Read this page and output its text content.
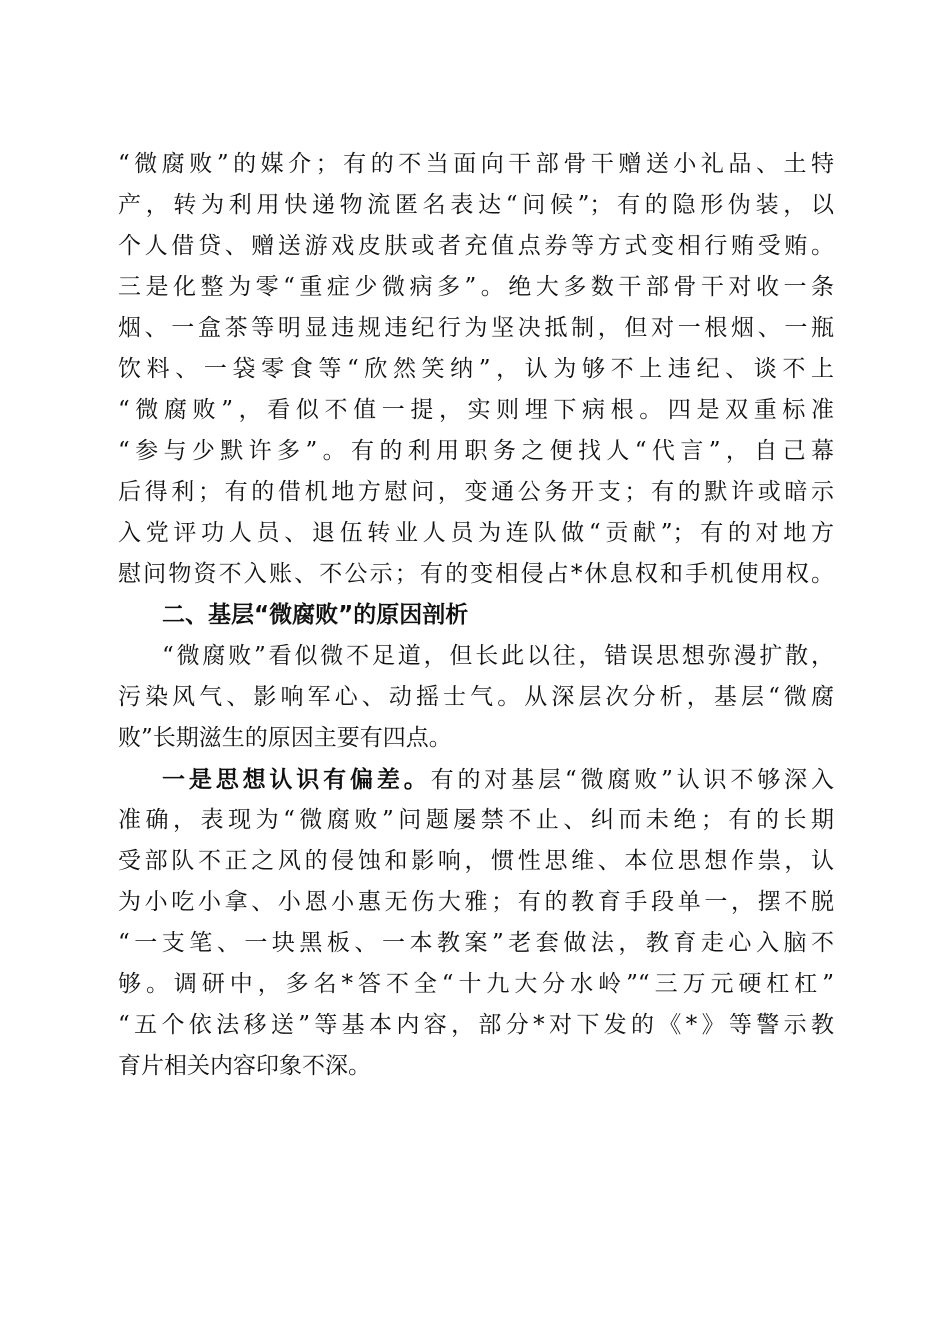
“微腐败”的媒介；有的不当面向干部骨干赠送小礼品、土特
产，转为利用快递物流匿名表达“问候”；有的隐形伪装，以
个人借贷、赠送游戏皮肤或者充值点券等方式变相行贿受贿。
三是化整为零“重症少微病多”。绝大多数干部骨干对收一条
烟、一盒茶等明显违规违纪行为坚决抵制，但对一根烟、一瓶
饮料、一袋零食等“欣然笑纳”，认为够不上违纪、谈不上
“微腐败”，看似不值一提，实则埋下病根。四是双重标准
“参与少默许多”。有的利用职务之便找人“代言”，自己幕
后得利；有的借机地方慰问，变通公务开支；有的默许或暗示
入党评功人员、退伍转业人员为连队做“贡献”；有的对地方
慰问物资不入账、不公示；有的变相侵占*休息权和手机使用权。
二、基层“微腐败”的原因剖析
“微腐败”看似微不足道，但长此以往，错误思想弥漫扩散，
污染风气、影响军心、动摇士气。从深层次分析，基层“微腐
败”长期滋生的原因主要有四点。
一是思想认识有偏差。有的对基层“微腐败”认识不够深入
准确，表现为“微腐败”问题屡禁不止、纠而未绝；有的长期
受部队不正之风的侵蚀和影响，惯性思维、本位思想作祟，认
为小吃小拿、小恩小惠无伤大雅；有的教育手段单一，摆不脱
“一支笔、一块黑板、一本教案”老套做法，教育走心入脑不
够。调研中，多名*答不全“十九大分水岭”“三万元硬杠杠”
“五个依法移送”等基本内容，部分*对下发的《*》等警示教
育片相关内容印象不深。
